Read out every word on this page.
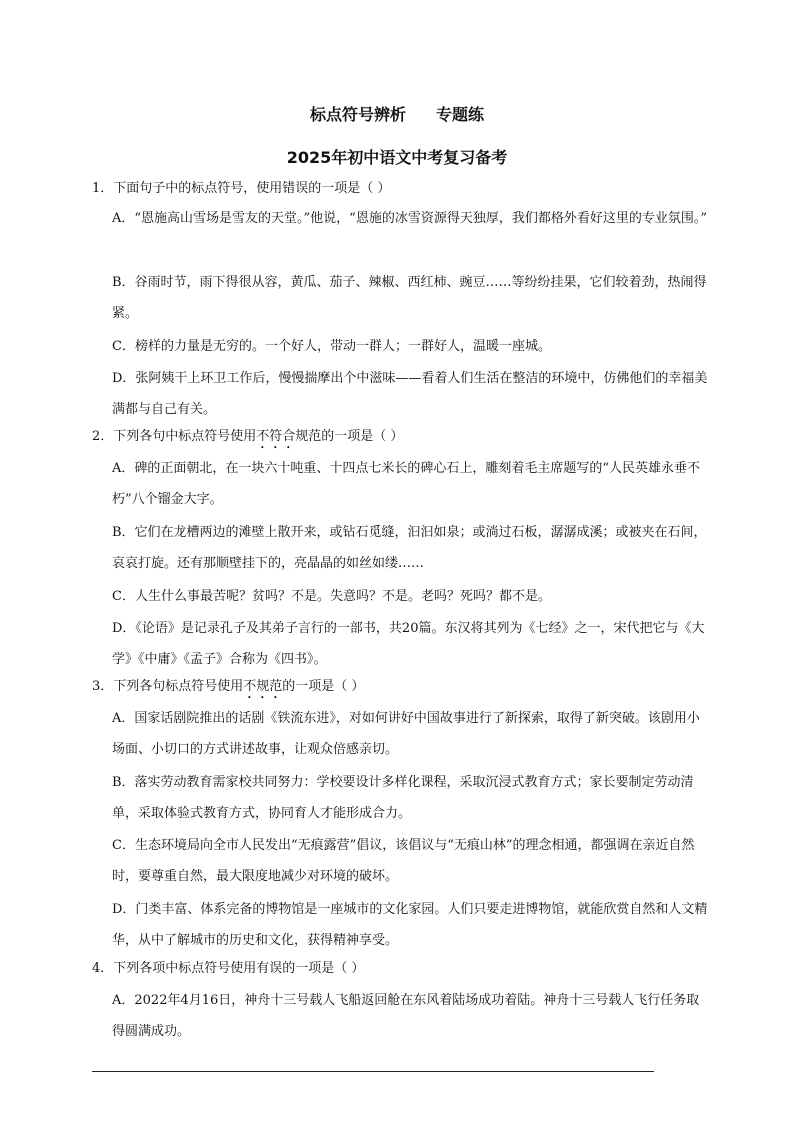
标点符号辨析 专题练
2025年初中语文中考复习备考
1．下面句子中的标点符号，使用错误的一项是（ ）
A．“恩施高山雪场是雪友的天堂。”他说，“恩施的冰雪资源得天独厚，我们都格外看好这里的专业氛围。”
B．谷雨时节，雨下得很从容，黄瓜、茄子、辣椒、西红柿、豌豆……等纷纷挂果，它们较着劲，热闹得紧。
C．榜样的力量是无穷的。一个好人，带动一群人；一群好人，温暖一座城。
D．张阿姨干上环卫工作后，慢慢揣摩出个中滋味——看着人们生活在整洁的环境中，仿佛他们的幸福美满都与自己有关。
2．下列各句中标点符号使用不符合规范的一项是（ ）
A．碑的正面朝北，在一块六十吨重、十四点七米长的碑心石上，雕刻着毛主席题写的“人民英雄永垂不朽”八个镏金大字。
B．它们在龙槽两边的滩壁上散开来，或钻石觅缝，汩汩如泉；或淌过石板，潺潺成溪；或被夹在石间，哀哀打旋。还有那顺壁挂下的，亮晶晶的如丝如缕……
C．人生什么事最苦呢？贫吗？不是。失意吗？不是。老吗？死吗？都不是。
D．《论语》是记录孔子及其弟子言行的一部书，共20篇。东汉将其列为《七经》之一，宋代把它与《大学》《中庸》《孟子》合称为《四书》。
3．下列各句标点符号使用不规范的一项是（ ）
A．国家话剧院推出的话剧《铁流东进》，对如何讲好中国故事进行了新探索，取得了新突破。该剧用小场面、小切口的方式讲述故事，让观众倍感亲切。
B．落实劳动教育需家校共同努力：学校要设计多样化课程，采取沉浸式教育方式；家长要制定劳动清单，采取体验式教育方式，协同育人才能形成合力。
C．生态环境局向全市人民发出“无痕露营”倡议，该倡议与“无痕山林”的理念相通，都强调在亲近自然时，要尊重自然，最大限度地减少对环境的破坏。
D．门类丰富、体系完备的博物馆是一座城市的文化家园。人们只要走进博物馆，就能欣赏自然和人文精华，从中了解城市的历史和文化，获得精神享受。
4．下列各项中标点符号使用有误的一项是（ ）
A．2022年4月16日，神舟十三号载人飞船返回舱在东风着陆场成功着陆。神舟十三号载人飞行任务取得圆满成功。
